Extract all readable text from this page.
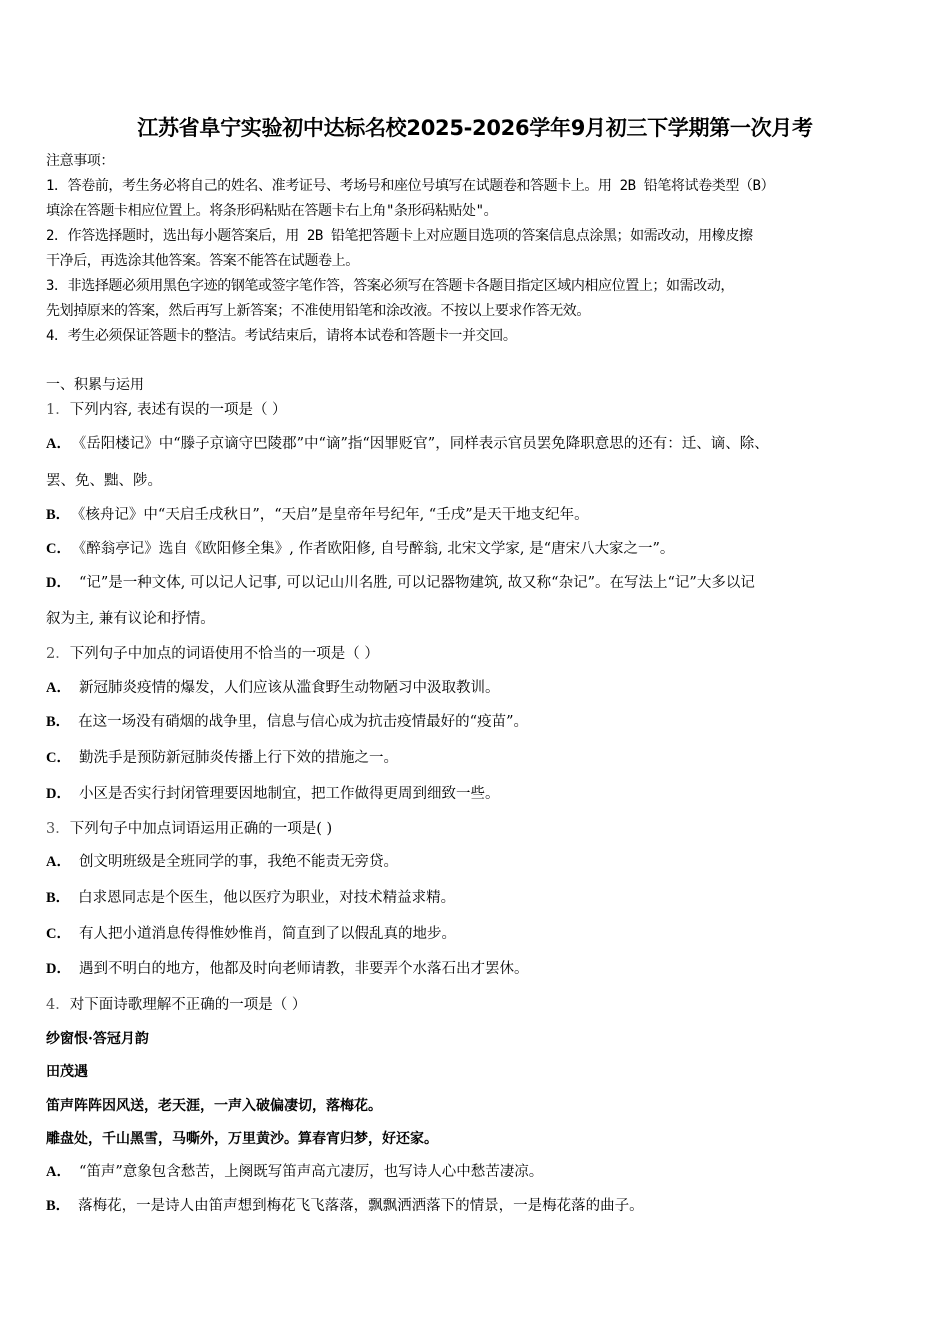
江苏省阜宁实验初中达标名校2025-2026学年9月初三下学期第一次月考
注意事项：
1．答卷前，考生务必将自己的姓名、准考证号、考场号和座位号填写在试题卷和答题卡上。用 2B 铅笔将试卷类型（B）
填涂在答题卡相应位置上。将条形码粘贴在答题卡右上角"条形码粘贴处"。
2．作答选择题时，选出每小题答案后，用 2B 铅笔把答题卡上对应题目选项的答案信息点涂黑；如需改动，用橡皮擦
干净后，再选涂其他答案。答案不能答在试题卷上。
3．非选择题必须用黑色字迹的钢笔或签字笔作答，答案必须写在答题卡各题目指定区域内相应位置上；如需改动，
先划掉原来的答案，然后再写上新答案；不准使用铅笔和涂改液。不按以上要求作答无效。
4．考生必须保证答题卡的整洁。考试结束后，请将本试卷和答题卡一并交回。
一、积累与运用
1．下列内容, 表述有误的一项是（ ）
A． 《岳阳楼记》中“滕子京谪守巴陵郡”中“谪”指“因罪贬官”，同样表示官员罢免降职意思的还有：迁、谪、除、
罢、免、黜、陟。
B． 《核舟记》中“天启壬戌秋日”，“天启”是皇帝年号纪年, “壬戌”是天干地支纪年。
C． 《醉翁亭记》选自《欧阳修全集》, 作者欧阳修, 自号醉翁, 北宋文学家, 是“唐宋八大家之一”。
D． “记”是一种文体, 可以记人记事, 可以记山川名胜, 可以记器物建筑, 故又称“杂记”。在写法上“记”大多以记
叙为主, 兼有议论和抒情。
2．下列句子中加点的词语使用不恰当的一项是（ ）
A． 新冠肺炎疫情的爆发，人们应该从滥食野生动物陋习中汲取教训。
B． 在这一场没有硝烟的战争里，信息与信心成为抗击疫情最好的“疫苗”。
C． 勤洗手是预防新冠肺炎传播上行下效的措施之一。
D． 小区是否实行封闭管理要因地制宜，把工作做得更周到细致一些。
3．下列句子中加点词语运用正确的一项是( )
A． 创文明班级是全班同学的事，我绝不能责无旁贷。
B． 白求恩同志是个医生，他以医疗为职业，对技术精益求精。
C． 有人把小道消息传得惟妙惟肖，简直到了以假乱真的地步。
D． 遇到不明白的地方，他都及时向老师请教，非要弄个水落石出才罢休。
4．对下面诗歌理解不正确的一项是（ ）
纱窗恨·答冠月韵
田茂遇
笛声阵阵因风送，老天涯，一声入破偏凄切，落梅花。
雕盘处，千山黑雪，马嘶外，万里黄沙。算春宵归梦，好还家。
A． “笛声”意象包含愁苦，上阕既写笛声高亢凄厉，也写诗人心中愁苦凄凉。
B． 落梅花，一是诗人由笛声想到梅花飞飞落落，飘飘洒洒落下的情景，一是梅花落的曲子。
